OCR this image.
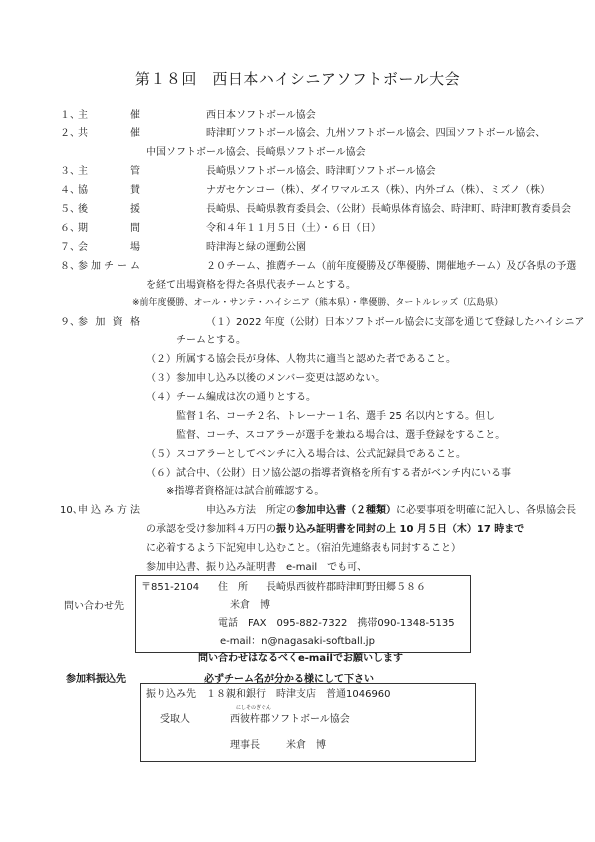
第１８回　西日本ハイシニアソフトボール大会
１、主　催	西日本ソフトボール協会
２、共　催	時津町ソフトボール協会、九州ソフトボール協会、四国ソフトボール協会、
中国ソフトボール協会、長崎県ソフトボール協会
３、主　管	長崎県ソフトボール協会、時津町ソフトボール協会
４、協　賛	ナガセケンコー（株）、ダイワマルエス（株）、内外ゴム（株）、ミズノ（株）
５、後　援	長崎県、長崎県教育委員会、（公財）長崎県体育協会、時津町、時津町教育委員会
６、期　間	令和４年１１月５日（土）・６日（日）
７、会　場	時津海と緑の運動公園
８、参加チーム	２０チーム、推薦チーム（前年度優勝及び準優勝、開催地チーム）及び各県の予選
を経て出場資格を得た各県代表チームとする。
※前年度優勝、オール・サンテ・ハイシニア（熊本県）・準優勝、タートルレッズ（広島県）
９、参加資格	（１）2022 年度（公財）日本ソフトボール協会に支部を通じて登録したハイシニア
チームとする。
（２）所属する協会長が身体、人物共に適当と認めた者であること。
（３）参加申し込み以後のメンバー変更は認めない。
（４）チーム編成は次の通りとする。
監督１名、コーチ２名、トレーナー１名、選手 25 名以内とする。但し
監督、コーチ、スコアラーが選手を兼ねる場合は、選手登録をすること。
（５）スコアラーとしてベンチに入る場合は、公式記録員であること。
（６）試合中、（公財）日ソ協公認の指導者資格を所有する者がベンチ内にいる事
※指導者資格証は試合前確認する。
10、申込み方法	申込み方法　所定の参加申込書（２種類）に必要事項を明確に記入し、各県協会長
の承認を受け参加料４万円の振り込み証明書を同封の上 10 月５日（木）17 時まで
に必着するよう下記宛申し込むこと。（宿泊先連絡表も同封すること）
参加申込書、振り込み証明書　e-mail　でも可、
〒851-2104 住　所 長崎県西彼杵郡時津町野田郷５８６
米倉　博
問い合わせ先
電話　FAX　095-882-7322　携帯090-1348-5135
e-mail：n@nagasaki-softball.jp
問い合わせはなるべくe-mailでお願いします
参加料振込先	必ずチーム名が分かる様にして下さい
振り込み先　１８親和銀行　時津支店　普通1046960
受取人
にしそのぎぐん
西彼杵郡ソフトボール協会
理事長	米倉　博
